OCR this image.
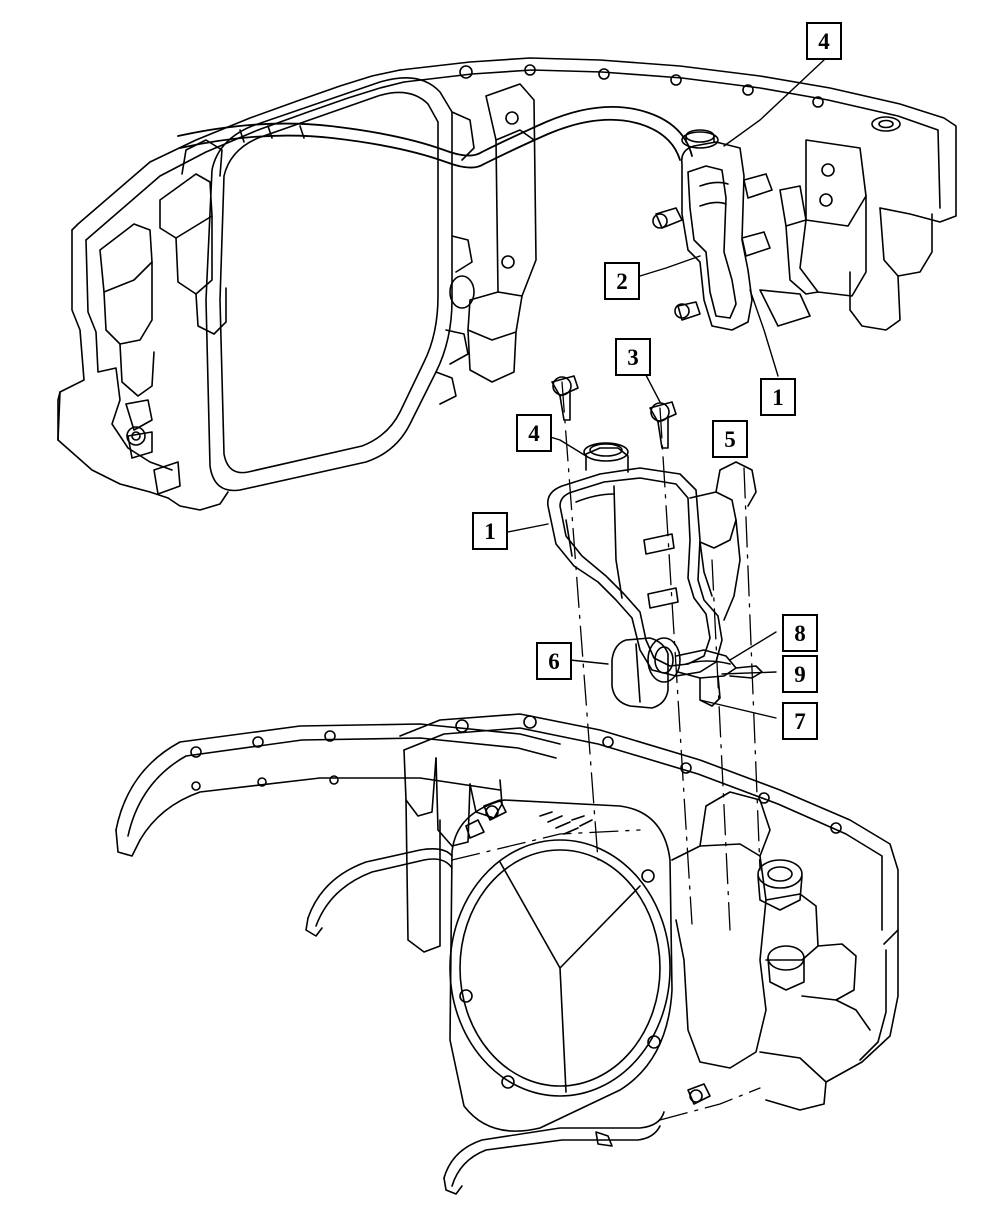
4
2
1
3
4	5
1
8
6
9
7
